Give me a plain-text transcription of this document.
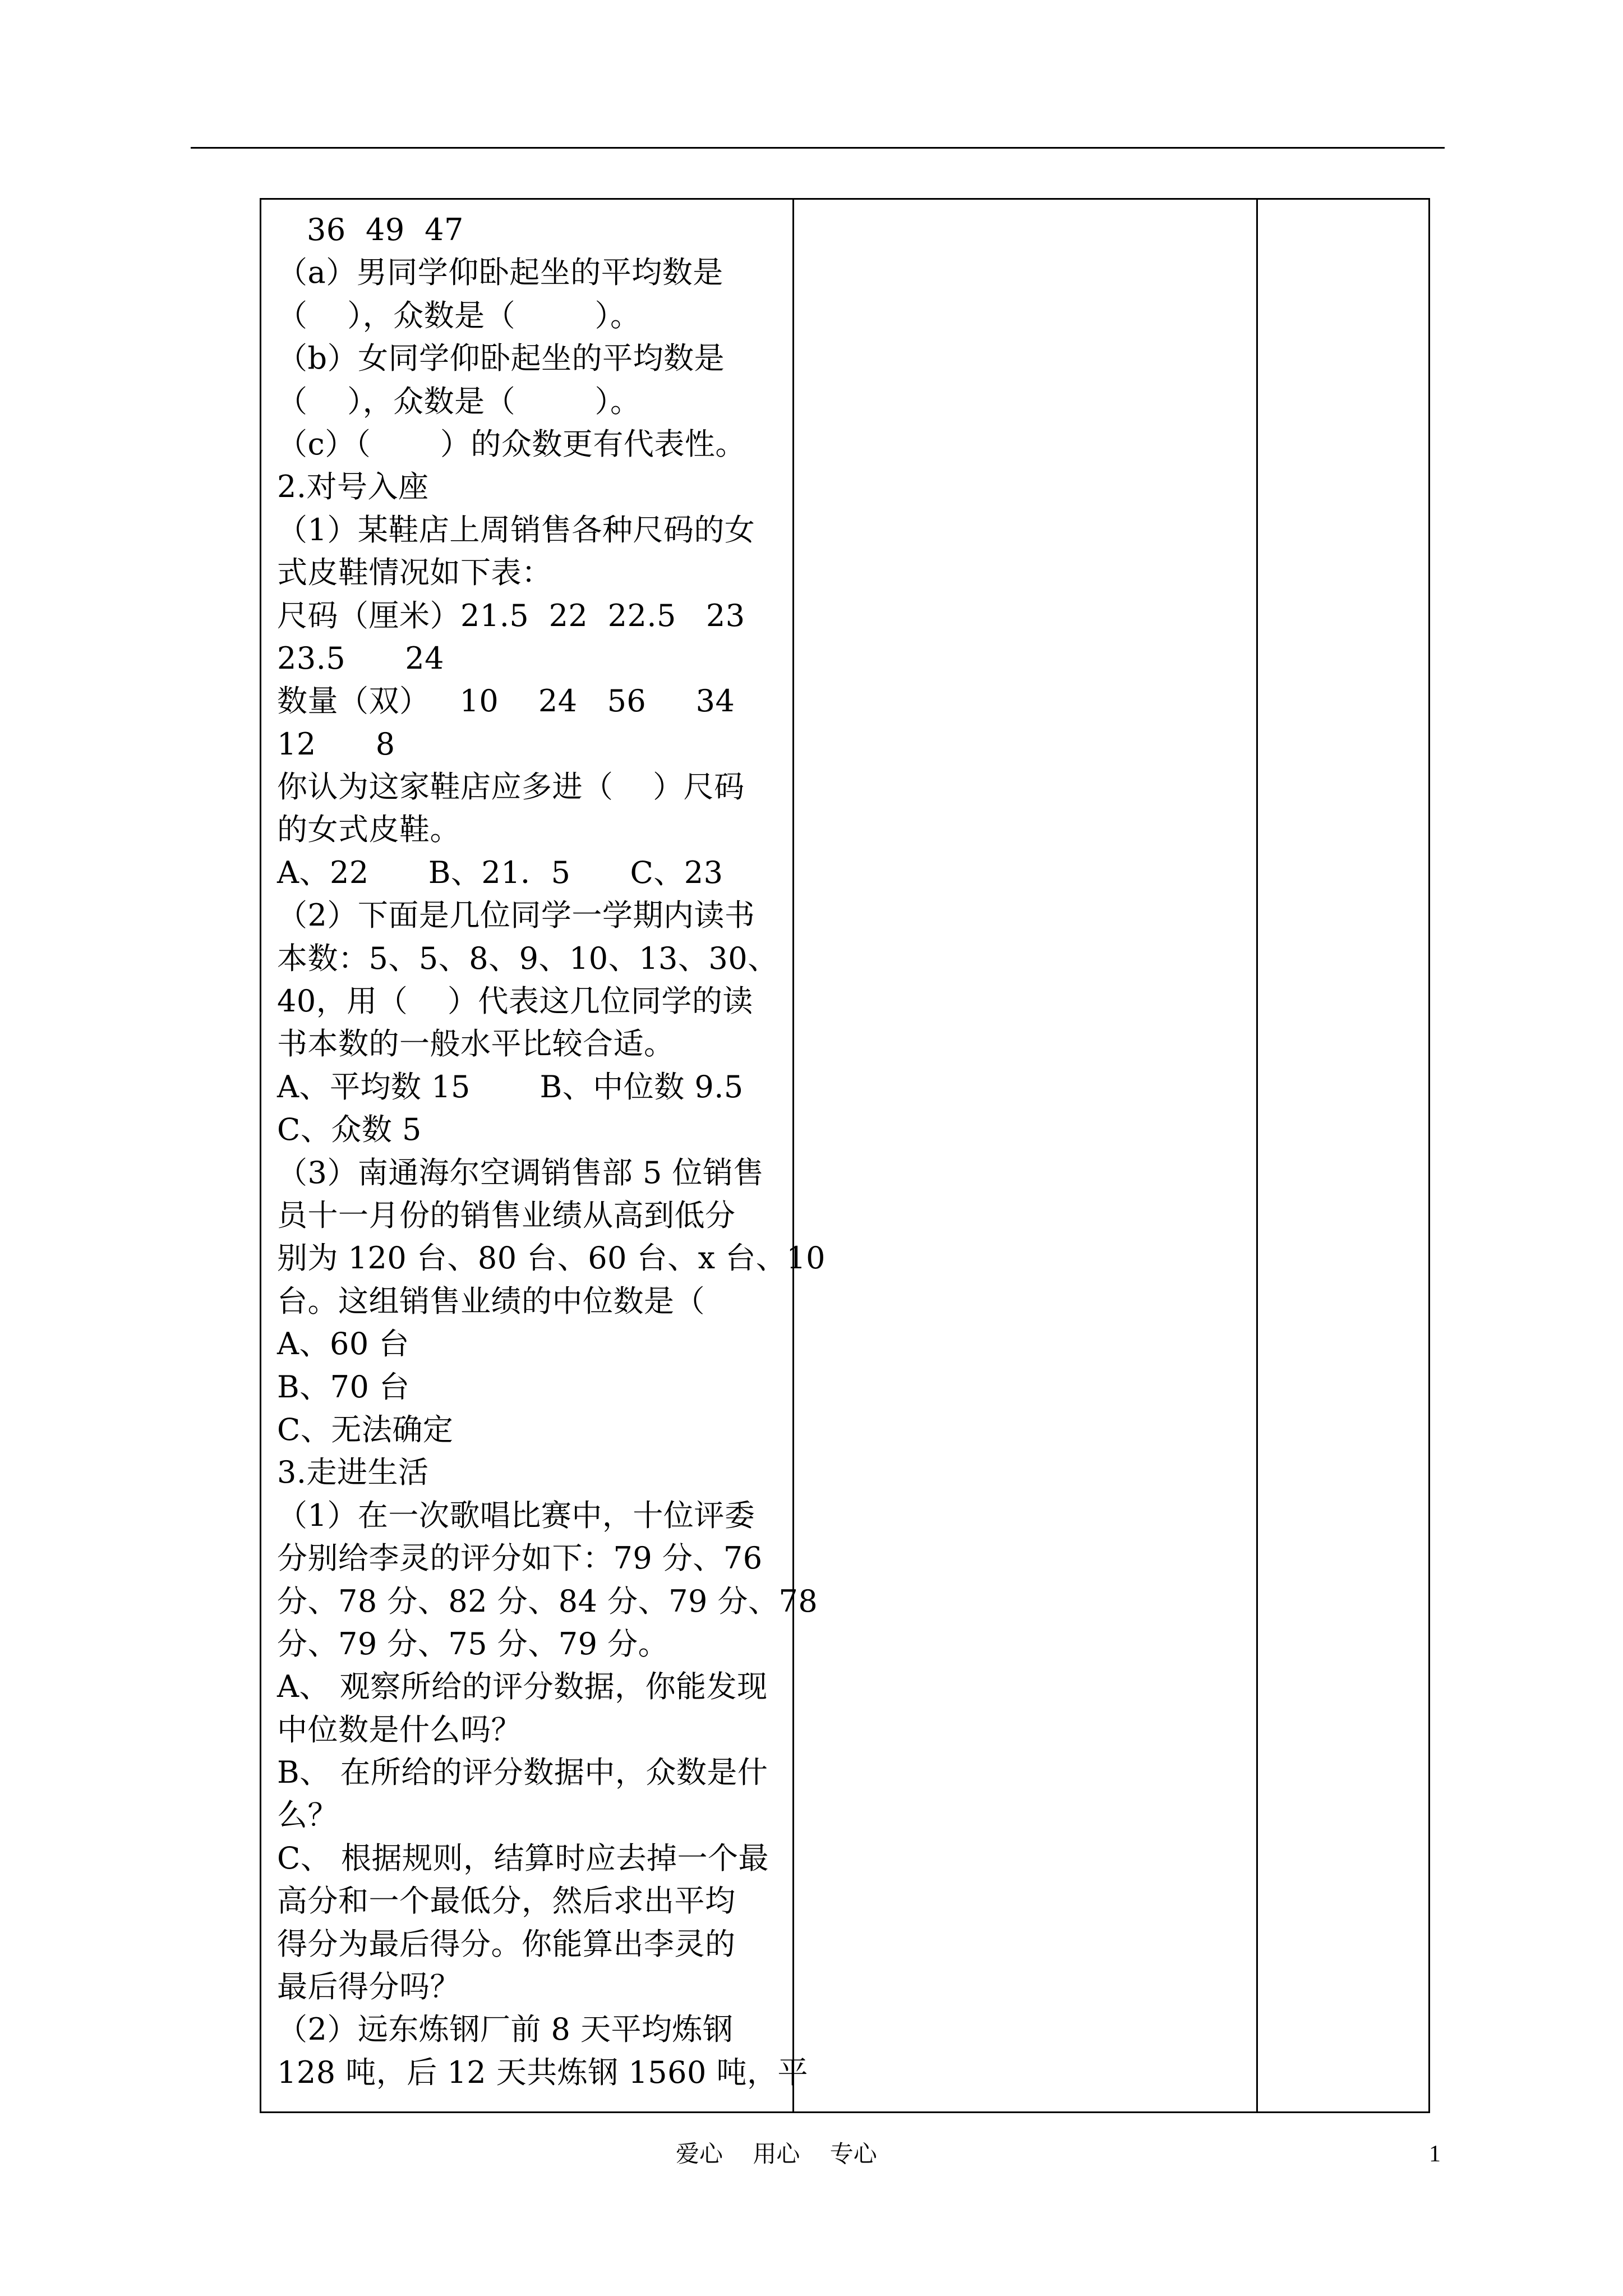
36  49  47
（a）男同学仰卧起坐的平均数是
（    ），众数是（        ）。
（b）女同学仰卧起坐的平均数是
（    ），众数是（        ）。
（c）（       ）的众数更有代表性。
2.对号入座
（1）某鞋店上周销售各种尺码的女
式皮鞋情况如下表：
尺码（厘米）21.5  22  22.5   23
23.5      24
数量（双）   10    24   56     34
12      8
你认为这家鞋店应多进（    ）尺码
的女式皮鞋。
A、22      B、21．5      C、23
（2）下面是几位同学一学期内读书
本数：5、5、8、9、10、13、30、
40，用（    ）代表这几位同学的读
书本数的一般水平比较合适。
A、平均数 15       B、中位数 9.5
C、众数 5
（3）南通海尔空调销售部 5 位销售
员十一月份的销售业绩从高到低分
别为 120 台、80 台、60 台、x 台、10
台。这组销售业绩的中位数是（
A、60 台
B、70 台
C、无法确定
3.走进生活
（1）在一次歌唱比赛中，十位评委
分别给李灵的评分如下：79 分、76
分、78 分、82 分、84 分、79 分、78
分、79 分、75 分、79 分。
A、 观察所给的评分数据，你能发现
中位数是什么吗？
B、 在所给的评分数据中，众数是什
么？
C、 根据规则，结算时应去掉一个最
高分和一个最低分，然后求出平均
得分为最后得分。你能算出李灵的
最后得分吗？
（2）远东炼钢厂前 8 天平均炼钢
128 吨，后 12 天共炼钢 1560 吨，平
爱心    用心    专心	1
